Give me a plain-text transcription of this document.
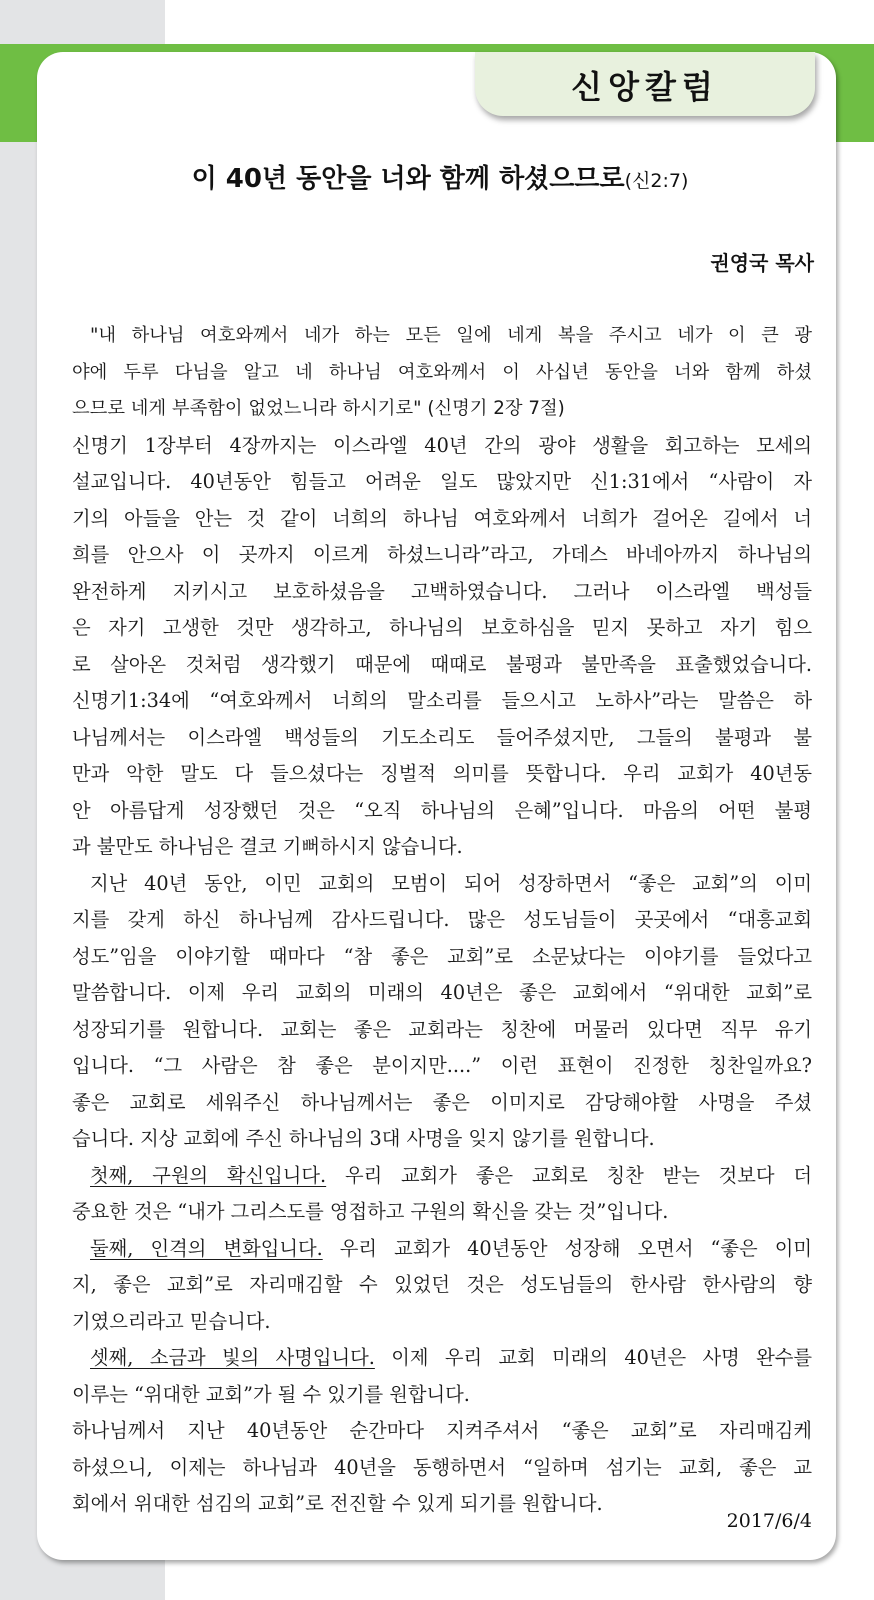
신앙칼럼
이 40년 동안을 너와 함께 하셨으므로(신2:7)
권영국 목사
"내 하나님 여호와께서 네가 하는 모든 일에 네게 복을 주시고 네가 이 큰 광
야에 두루 다님을 알고 네 하나님 여호와께서 이 사십년 동안을 너와 함께 하셨
으므로 네게 부족함이 없었느니라 하시기로" (신명기 2장 7절)
신명기 1장부터 4장까지는 이스라엘 40년 간의 광야 생활을 회고하는 모세의
설교입니다. 40년동안 힘들고 어려운 일도 많았지만 신1:31에서 “사람이 자
기의 아들을 안는 것 같이 너희의 하나님 여호와께서 너희가 걸어온 길에서 너
희를 안으사 이 곳까지 이르게 하셨느니라”라고, 가데스 바네아까지 하나님의
완전하게 지키시고 보호하셨음을 고백하였습니다. 그러나 이스라엘 백성들
은 자기 고생한 것만 생각하고, 하나님의 보호하심을 믿지 못하고 자기 힘으
로 살아온 것처럼 생각했기 때문에 때때로 불평과 불만족을 표출했었습니다.
신명기1:34에 “여호와께서 너희의 말소리를 들으시고 노하사”라는 말씀은 하
나님께서는 이스라엘 백성들의 기도소리도 들어주셨지만, 그들의 불평과 불
만과 악한 말도 다 들으셨다는 징벌적 의미를 뜻합니다. 우리 교회가 40년동
안 아름답게 성장했던 것은 “오직 하나님의 은혜”입니다. 마음의 어떤 불평
과 불만도 하나님은 결코 기뻐하시지 않습니다.
지난 40년 동안, 이민 교회의 모범이 되어 성장하면서 “좋은 교회”의 이미
지를 갖게 하신 하나님께 감사드립니다. 많은 성도님들이 곳곳에서 “대흥교회
성도”임을 이야기할 때마다 “참 좋은 교회”로 소문났다는 이야기를 들었다고
말씀합니다. 이제 우리 교회의 미래의 40년은 좋은 교회에서 “위대한 교회”로
성장되기를 원합니다. 교회는 좋은 교회라는 칭찬에 머물러 있다면 직무 유기
입니다. “그 사람은 참 좋은 분이지만....” 이런 표현이 진정한 칭찬일까요?
좋은 교회로 세워주신 하나님께서는 좋은 이미지로 감당해야할 사명을 주셨
습니다. 지상 교회에 주신 하나님의 3대 사명을 잊지 않기를 원합니다.
첫째, 구원의 확신입니다. 우리 교회가 좋은 교회로 칭찬 받는 것보다 더
중요한 것은 “내가 그리스도를 영접하고 구원의 확신을 갖는 것”입니다.
둘째, 인격의 변화입니다. 우리 교회가 40년동안 성장해 오면서 “좋은 이미
지, 좋은 교회”로 자리매김할 수 있었던 것은 성도님들의 한사람 한사람의 향
기였으리라고 믿습니다.
셋째, 소금과 빛의 사명입니다. 이제 우리 교회 미래의 40년은 사명 완수를
이루는 “위대한 교회”가 될 수 있기를 원합니다.
하나님께서 지난 40년동안 순간마다 지켜주셔서 “좋은 교회”로 자리매김케
하셨으니, 이제는 하나님과 40년을 동행하면서 “일하며 섬기는 교회, 좋은 교
회에서 위대한 섬김의 교회”로 전진할 수 있게 되기를 원합니다.
2017/6/4
